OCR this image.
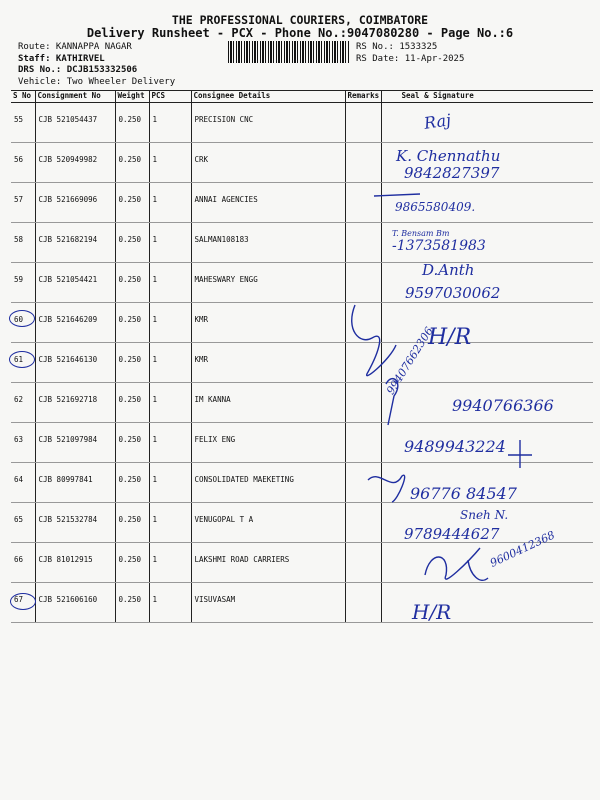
THE PROFESSIONAL COURIERS, COIMBATORE
Delivery Runsheet - PCX - Phone No.:9047080280 - Page No.:6
Route: KANNAPPA NAGAR
Staff: KATHIRVEL
DRS No.: DCJB153332506
Vehicle: Two Wheeler Delivery
RS No.: 1533325
RS Date: 11-Apr-2025
S No	Consignment No	Weight	PCS	Consignee Details	Remarks	Seal & Signature
55	CJB 521054437	0.250	1	PRECISION CNC		
56	CJB 520949982	0.250	1	CRK		
57	CJB 521669096	0.250	1	ANNAI AGENCIES		
58	CJB 521682194	0.250	1	SALMAN108183		
59	CJB 521054421	0.250	1	MAHESWARY ENGG		
60	CJB 521646209	0.250	1	KMR		
61	CJB 521646130	0.250	1	KMR		
62	CJB 521692718	0.250	1	IM KANNA		
63	CJB 521097984	0.250	1	FELIX ENG		
64	CJB 80997841	0.250	1	CONSOLIDATED MAEKETING		
65	CJB 521532784	0.250	1	VENUGOPAL T A		
66	CJB 81012915	0.250	1	LAKSHMI ROAD CARRIERS		
67	CJB 521606160	0.250	1	VISUVASAM		
Raj
K. Chennathu
9842827397
9865580409.
T. Bensam Bm
-1373581983
D.Anth
9597030062
H/R
99407662306
9940766366
9489943224
96776 84547
Sneh N.
9789444627
9600412368
H/R
